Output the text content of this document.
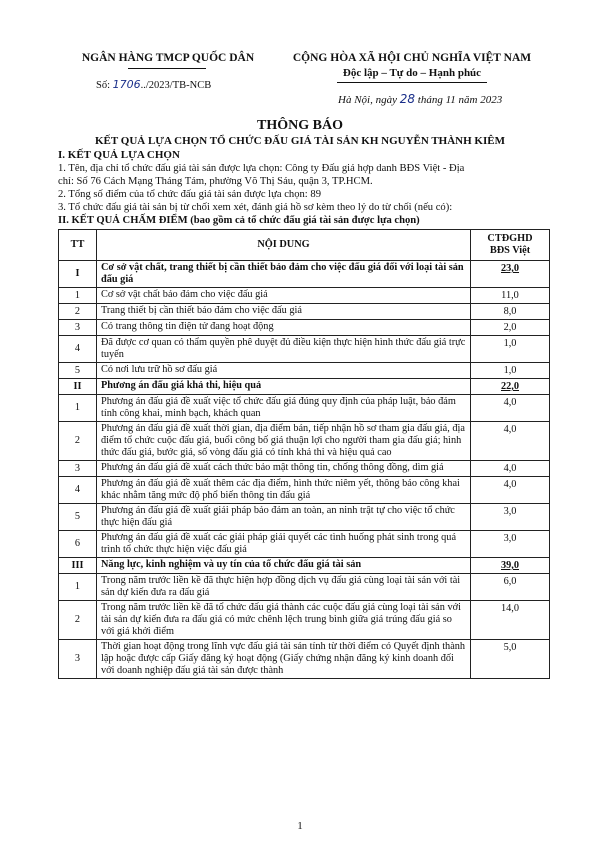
NGÂN HÀNG TMCP QUỐC DÂN
Số: 1706../2023/TB-NCB
CỘNG HÒA XÃ HỘI CHỦ NGHĨA VIỆT NAM
Độc lập – Tự do – Hạnh phúc
Hà Nội, ngày 28 tháng 11 năm 2023
THÔNG BÁO
KẾT QUẢ LỰA CHỌN TỔ CHỨC ĐẤU GIÁ TÀI SẢN KH NGUYỄN THÀNH KIÊM
I. KẾT QUẢ LỰA CHỌN
1. Tên, địa chỉ tổ chức đấu giá tài sản được lựa chọn: Công ty Đấu giá hợp danh BĐS Việt - Địa
chỉ: Số 76 Cách Mạng Tháng Tám, phường Võ Thị Sáu, quận 3, TP.HCM.
2. Tổng số điểm của tổ chức đấu giá tài sản được lựa chọn: 89
3. Tổ chức đấu giá tài sản bị từ chối xem xét, đánh giá hồ sơ kèm theo lý do từ chối (nếu có):
II. KẾT QUẢ CHẤM ĐIỂM (bao gồm cả tổ chức đấu giá tài sản được lựa chọn)
TT	NỘI DUNG	CTĐGHD
BĐS Việt

I	Cơ sở vật chất, trang thiết bị cần thiết bảo đảm cho việc đấu giá đối với loại tài sản đấu giá	23,0
1	Cơ sở vật chất bảo đảm cho việc đấu giá	11,0
2	Trang thiết bị cần thiết bảo đảm cho việc đấu giá	8,0
3	Có trang thông tin điện tử đang hoạt động	2,0
4	Đã được cơ quan có thẩm quyền phê duyệt đủ điều kiện thực hiện hình thức đấu giá trực tuyến	1,0
5	Có nơi lưu trữ hồ sơ đấu giá	1,0
II	Phương án đấu giá khả thi, hiệu quả	22,0
1	Phương án đấu giá đề xuất việc tổ chức đấu giá đúng quy định của pháp luật, bảo đảm tính công khai, minh bạch, khách quan	4,0
2	Phương án đấu giá đề xuất thời gian, địa điểm bán, tiếp nhận hồ sơ tham gia đấu giá, địa điểm tổ chức cuộc đấu giá, buổi công bố giá thuận lợi cho người tham gia đấu giá; hình thức đấu giá, bước giá, số vòng đấu giá có tính khả thi và hiệu quả cao	4,0
3	Phương án đấu giá đề xuất cách thức bảo mật thông tin, chống thông đồng, dìm giá	4,0
4	Phương án đấu giá đề xuất thêm các địa điểm, hình thức niêm yết, thông báo công khai khác nhằm tăng mức độ phổ biến thông tin đấu giá	4,0
5	Phương án đấu giá đề xuất giải pháp bảo đảm an toàn, an ninh trật tự cho việc tổ chức thực hiện đấu giá	3,0
6	Phương án đấu giá đề xuất các giải pháp giải quyết các tình huống phát sinh trong quá trình tổ chức thực hiện việc đấu giá	3,0
III	Năng lực, kinh nghiệm và uy tín của tổ chức đấu giá tài sản	39,0
1	Trong năm trước liền kề đã thực hiện hợp đồng dịch vụ đấu giá cùng loại tài sản với tài sản dự kiến đưa ra đấu giá	6,0
2	Trong năm trước liền kề đã tổ chức đấu giá thành các cuộc đấu giá cùng loại tài sản với tài sản dự kiến đưa ra đấu giá có mức chênh lệch trung bình giữa giá trúng đấu giá so với giá khởi điểm	14,0
3	Thời gian hoạt động trong lĩnh vực đấu giá tài sản tính từ thời điểm có Quyết định thành lập hoặc được cấp Giấy đăng ký hoạt động (Giấy chứng nhận đăng ký kinh doanh đối với doanh nghiệp đấu giá tài sản được thành	5,0
1
